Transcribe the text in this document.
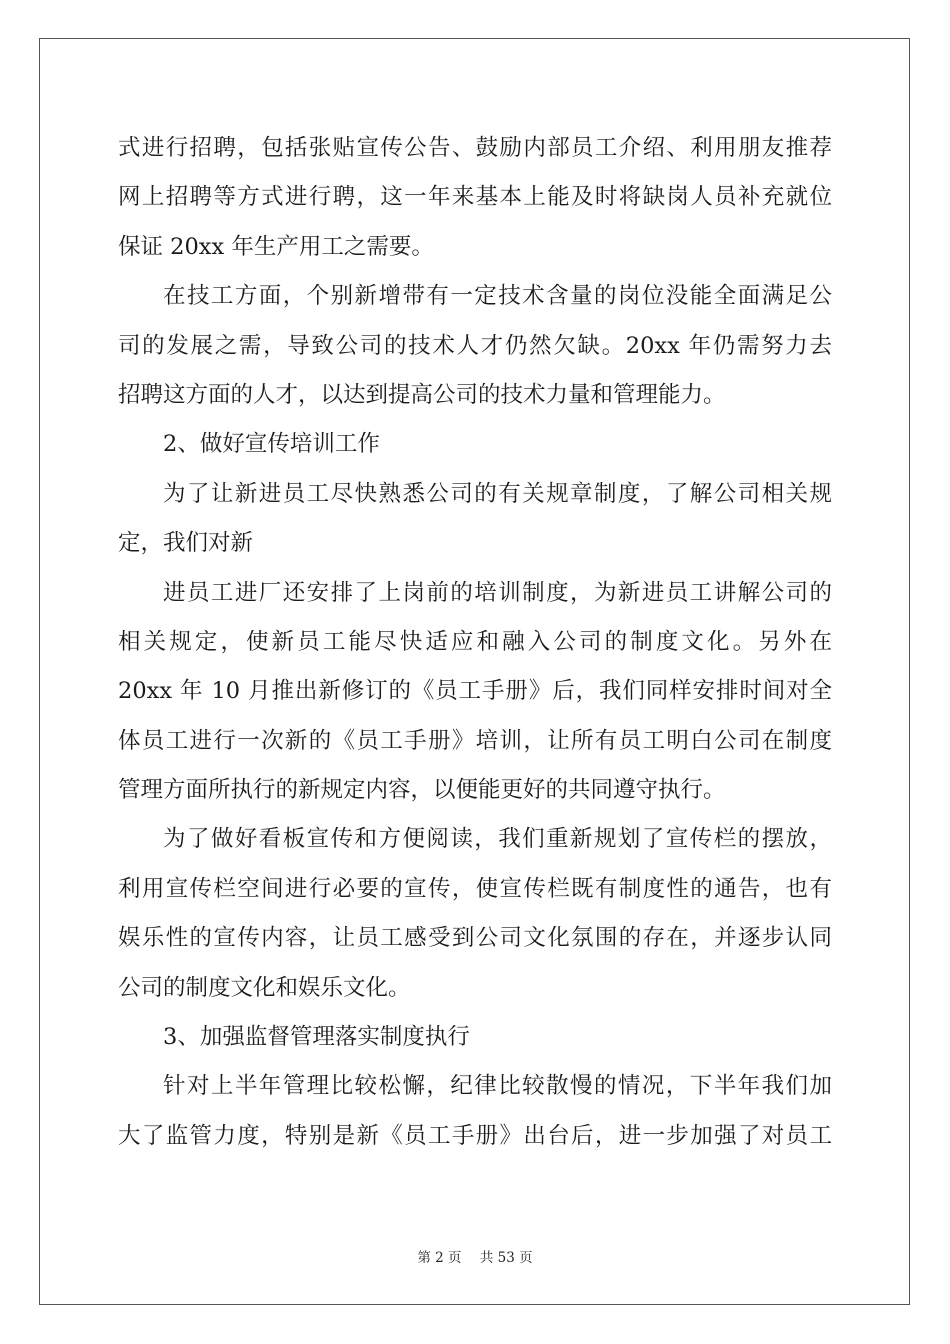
式进行招聘，包括张贴宣传公告、鼓励内部员工介绍、利用朋友推荐
网上招聘等方式进行聘，这一年来基本上能及时将缺岗人员补充就位
保证 20xx 年生产用工之需要。
在技工方面，个别新增带有一定技术含量的岗位没能全面满足公
司的发展之需，导致公司的技术人才仍然欠缺。20xx 年仍需努力去
招聘这方面的人才，以达到提高公司的技术力量和管理能力。
2、做好宣传培训工作
为了让新进员工尽快熟悉公司的有关规章制度，了解公司相关规
定，我们对新
进员工进厂还安排了上岗前的培训制度，为新进员工讲解公司的
相关规定，使新员工能尽快适应和融入公司的制度文化。另外在
20xx 年 10 月推出新修订的《员工手册》后，我们同样安排时间对全
体员工进行一次新的《员工手册》培训，让所有员工明白公司在制度
管理方面所执行的新规定内容，以便能更好的共同遵守执行。
为了做好看板宣传和方便阅读，我们重新规划了宣传栏的摆放，
利用宣传栏空间进行必要的宣传，使宣传栏既有制度性的通告，也有
娱乐性的宣传内容，让员工感受到公司文化氛围的存在，并逐步认同
公司的制度文化和娱乐文化。
3、加强监督管理落实制度执行
针对上半年管理比较松懈，纪律比较散慢的情况，下半年我们加
大了监管力度，特别是新《员工手册》出台后，进一步加强了对员工
第 2 页 共 53 页
